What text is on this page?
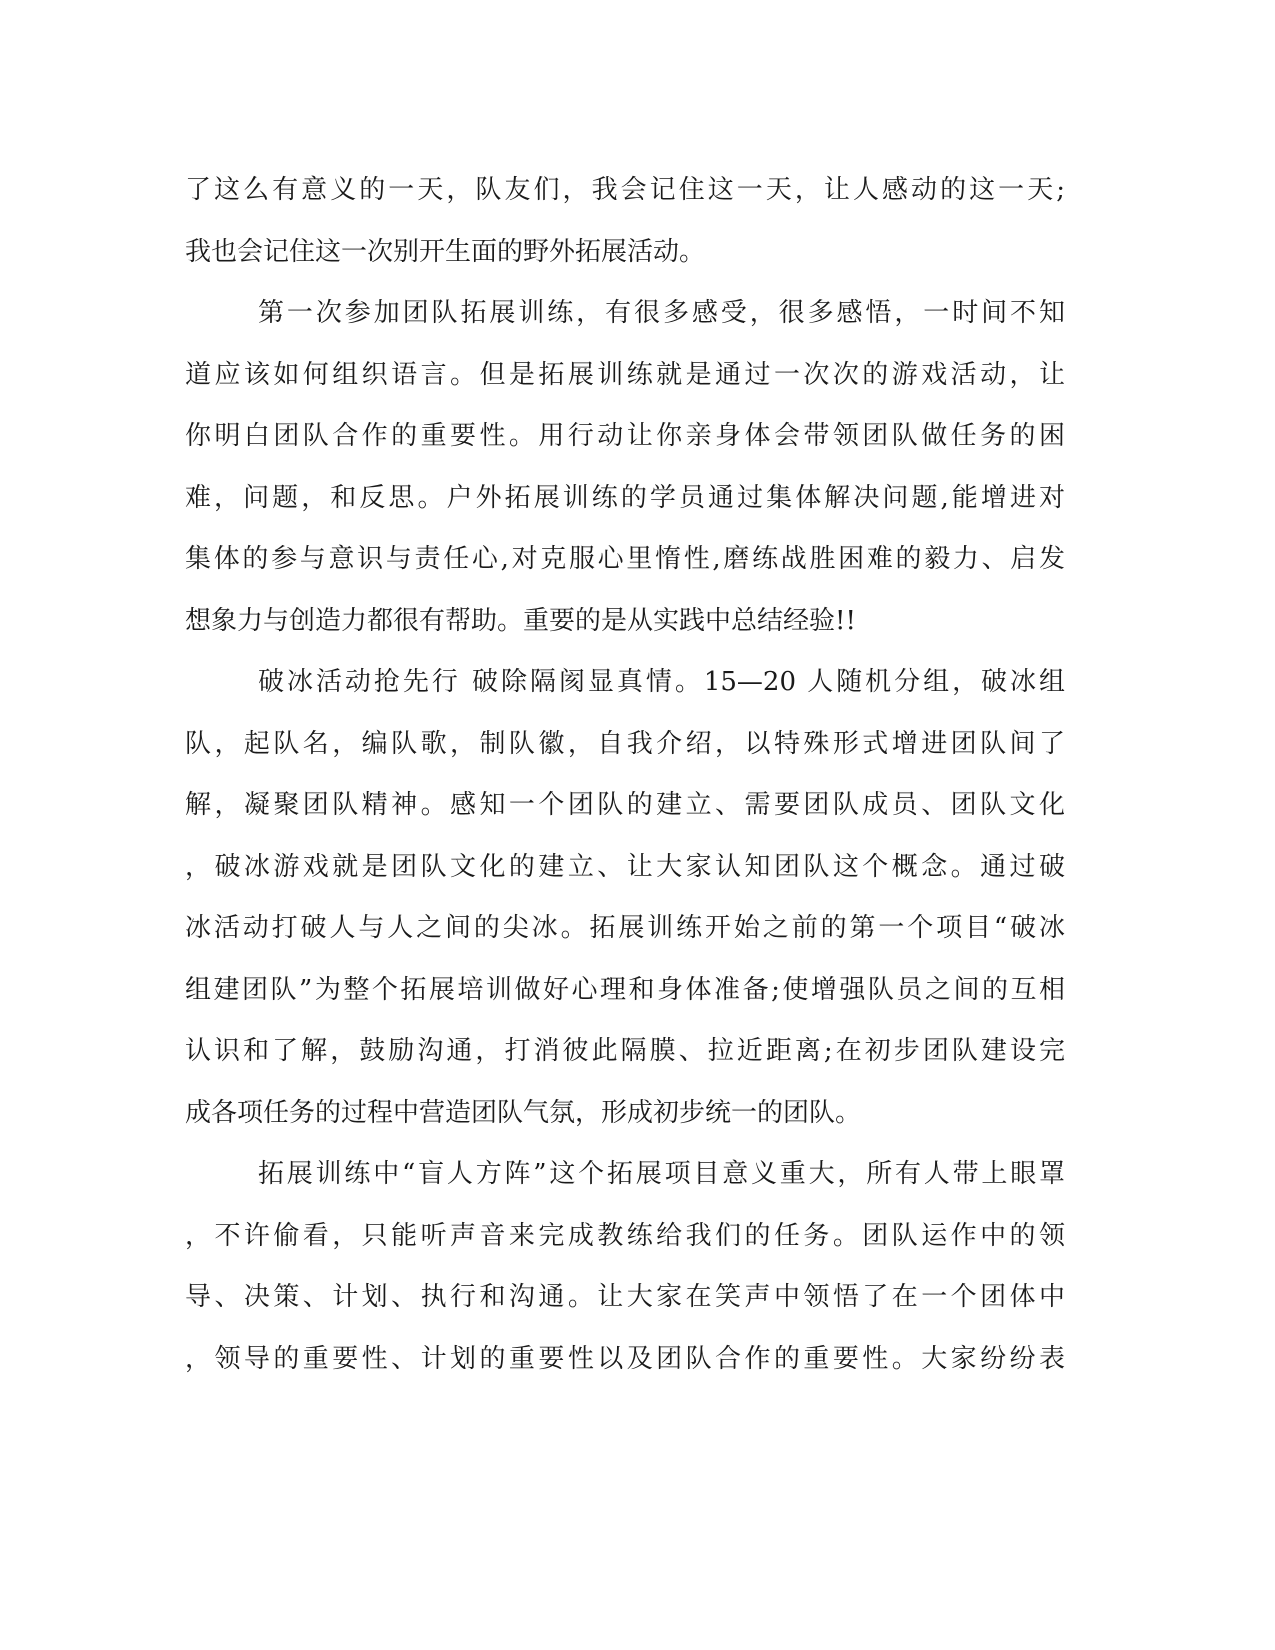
了这么有意义的一天，队友们，我会记住这一天，让人感动的这一天;
我也会记住这一次别开生面的野外拓展活动。
第一次参加团队拓展训练，有很多感受，很多感悟，一时间不知
道应该如何组织语言。但是拓展训练就是通过一次次的游戏活动，让
你明白团队合作的重要性。用行动让你亲身体会带领团队做任务的困
难，问题，和反思。户外拓展训练的学员通过集体解决问题,能增进对
集体的参与意识与责任心,对克服心里惰性,磨练战胜困难的毅力、启发
想象力与创造力都很有帮助。重要的是从实践中总结经验!!
破冰活动抢先行 破除隔阂显真情。15—20 人随机分组，破冰组
队，起队名，编队歌，制队徽，自我介绍，以特殊形式增进团队间了
解，凝聚团队精神。感知一个团队的建立、需要团队成员、团队文化
，破冰游戏就是团队文化的建立、让大家认知团队这个概念。通过破
冰活动打破人与人之间的尖冰。拓展训练开始之前的第一个项目“破冰
组建团队”为整个拓展培训做好心理和身体准备;使增强队员之间的互相
认识和了解，鼓励沟通，打消彼此隔膜、拉近距离;在初步团队建设完
成各项任务的过程中营造团队气氛，形成初步统一的团队。
拓展训练中“盲人方阵”这个拓展项目意义重大，所有人带上眼罩
，不许偷看，只能听声音来完成教练给我们的任务。团队运作中的领
导、决策、计划、执行和沟通。让大家在笑声中领悟了在一个团体中
，领导的重要性、计划的重要性以及团队合作的重要性。大家纷纷表
